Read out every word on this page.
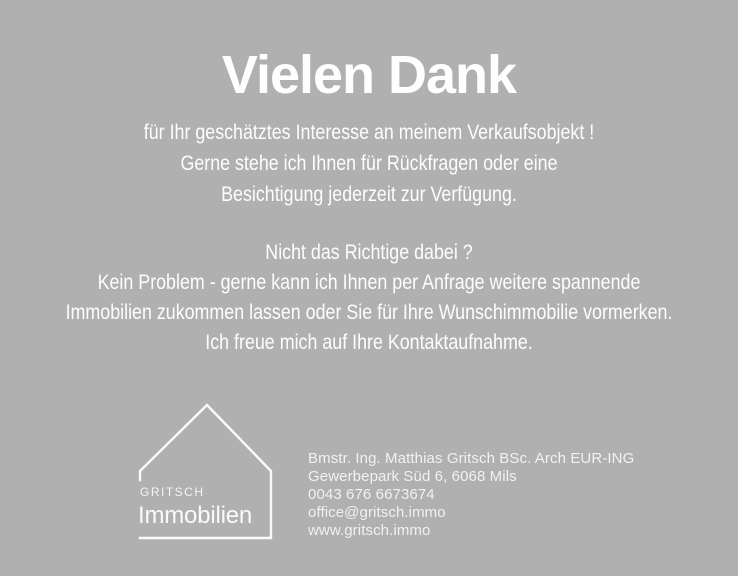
Vielen Dank
für Ihr geschätztes Interesse an meinem Verkaufsobjekt !
Gerne stehe ich Ihnen für Rückfragen oder eine
Besichtigung jederzeit zur Verfügung.
Nicht das Richtige dabei ?
Kein Problem - gerne kann ich Ihnen per Anfrage weitere spannende
Immobilien zukommen lassen oder Sie für Ihre Wunschimmobilie vormerken.
Ich freue mich auf Ihre Kontaktaufnahme.
GRITSCH
Immobilien
Bmstr. Ing. Matthias Gritsch BSc. Arch EUR-ING
Gewerbepark Süd 6, 6068 Mils
0043 676 6673674
office@gritsch.immo
www.gritsch.immo
